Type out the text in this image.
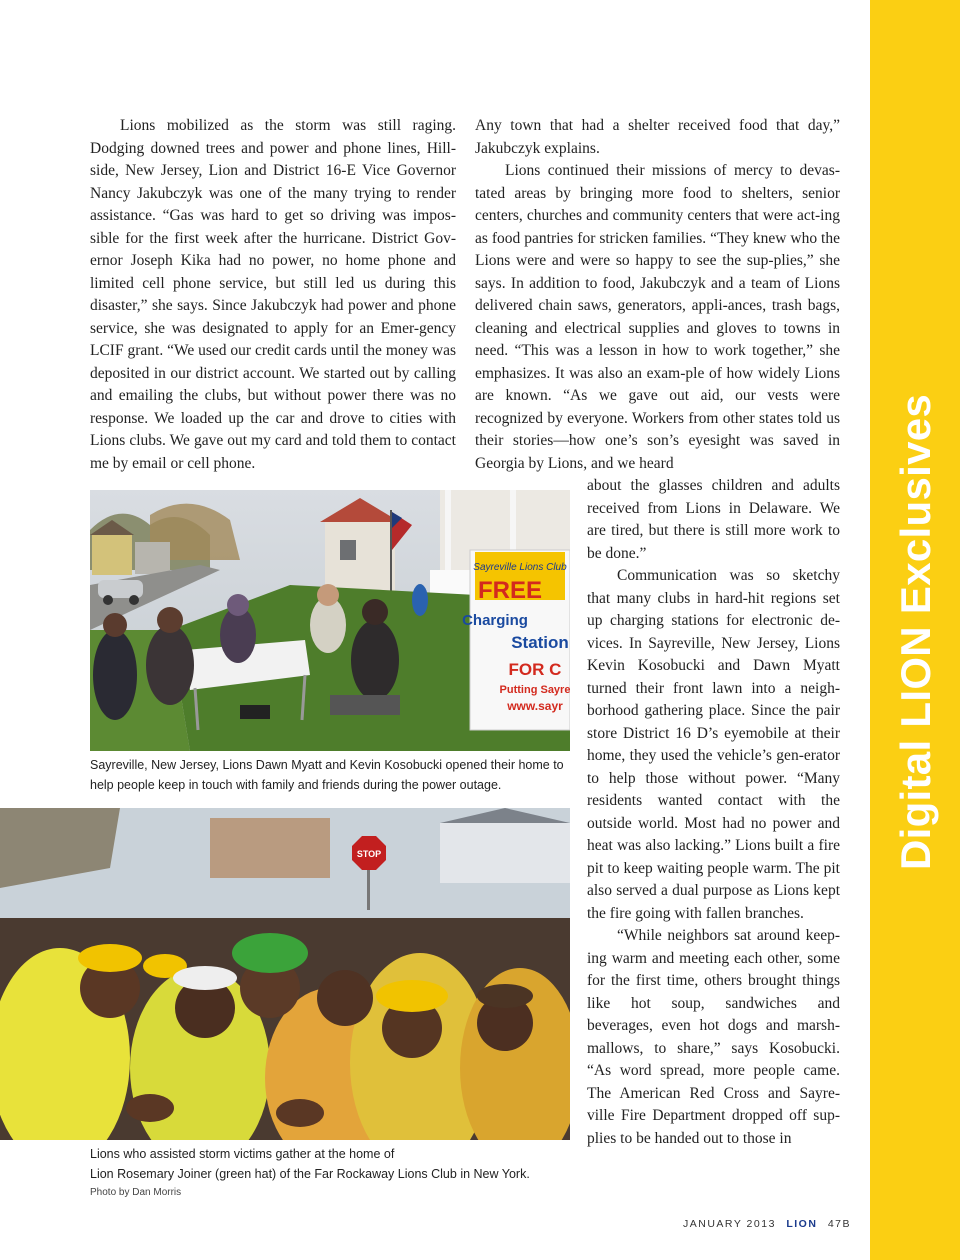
Digital LION Exclusives

Lions mobilized as the storm was still raging. Dodging downed trees and power and phone lines, Hill-side, New Jersey, Lion and District 16-E Vice Governor Nancy Jakubczyk was one of the many trying to render assistance. “Gas was hard to get so driving was impos-sible for the first week after the hurricane. District Gov-ernor Joseph Kika had no power, no home phone and limited cell phone service, but still led us during this disaster,” she says. Since Jakubczyk had power and phone service, she was designated to apply for an Emer-gency LCIF grant. “We used our credit cards until the money was deposited in our district account. We started out by calling and emailing the clubs, but without power there was no response. We loaded up the car and drove to cities with Lions clubs. We gave out my card and told them to contact me by email or cell phone.

Any town that had a shelter received food that day,” Jakubczyk explains.

Lions continued their missions of mercy to devas-tated areas by bringing more food to shelters, senior centers, churches and community centers that were act-ing as food pantries for stricken families. “They knew who the Lions were and were so happy to see the sup-plies,” she says. In addition to food, Jakubczyk and a team of Lions delivered chain saws, generators, appli-ances, trash bags, cleaning and electrical supplies and gloves to towns in need. “This was a lesson in how to work together,” she emphasizes. It was also an exam-ple of how widely Lions are known. “As we gave out aid, our vests were recognized by everyone. Workers from other states told us their stories—how one’s son’s eyesight was saved in Georgia by Lions, and we heard

about the glasses children and adults received from Lions in Delaware. We are tired, but there is still more work to be done.”

Communication was so sketchy that many clubs in hard-hit regions set up charging stations for electronic de-vices. In Sayreville, New Jersey, Lions Kevin Kosobucki and Dawn Myatt turned their front lawn into a neigh-borhood gathering place. Since the pair store District 16 D’s eyemobile at their home, they used the vehicle’s gen-erator to help those without power. “Many residents wanted contact with the outside world. Most had no power and heat was also lacking.” Lions built a fire pit to keep waiting people warm. The pit also served a dual purpose as Lions kept the fire going with fallen branches.

“While neighbors sat around keep-ing warm and meeting each other, some for the first time, others brought things like hot soup, sandwiches and beverages, even hot dogs and marsh-mallows, to share,” says Kosobucki. “As word spread, more people came. The American Red Cross and Sayre-ville Fire Department dropped off sup-plies to be handed out to those in

Sayreville Lions Club
FREE
Charging
Station
FOR C
Putting Sayre
www.sayr
Sayreville, New Jersey, Lions Dawn Myatt and Kevin Kosobucki opened their home to help people keep in touch with family and friends during the power outage.
STOP
Lions who assisted storm victims gather at the home of
Lion Rosemary Joiner (green hat) of the Far Rockaway Lions Club in New York.
Photo by Dan Morris
JANUARY 2013 LION 47B
